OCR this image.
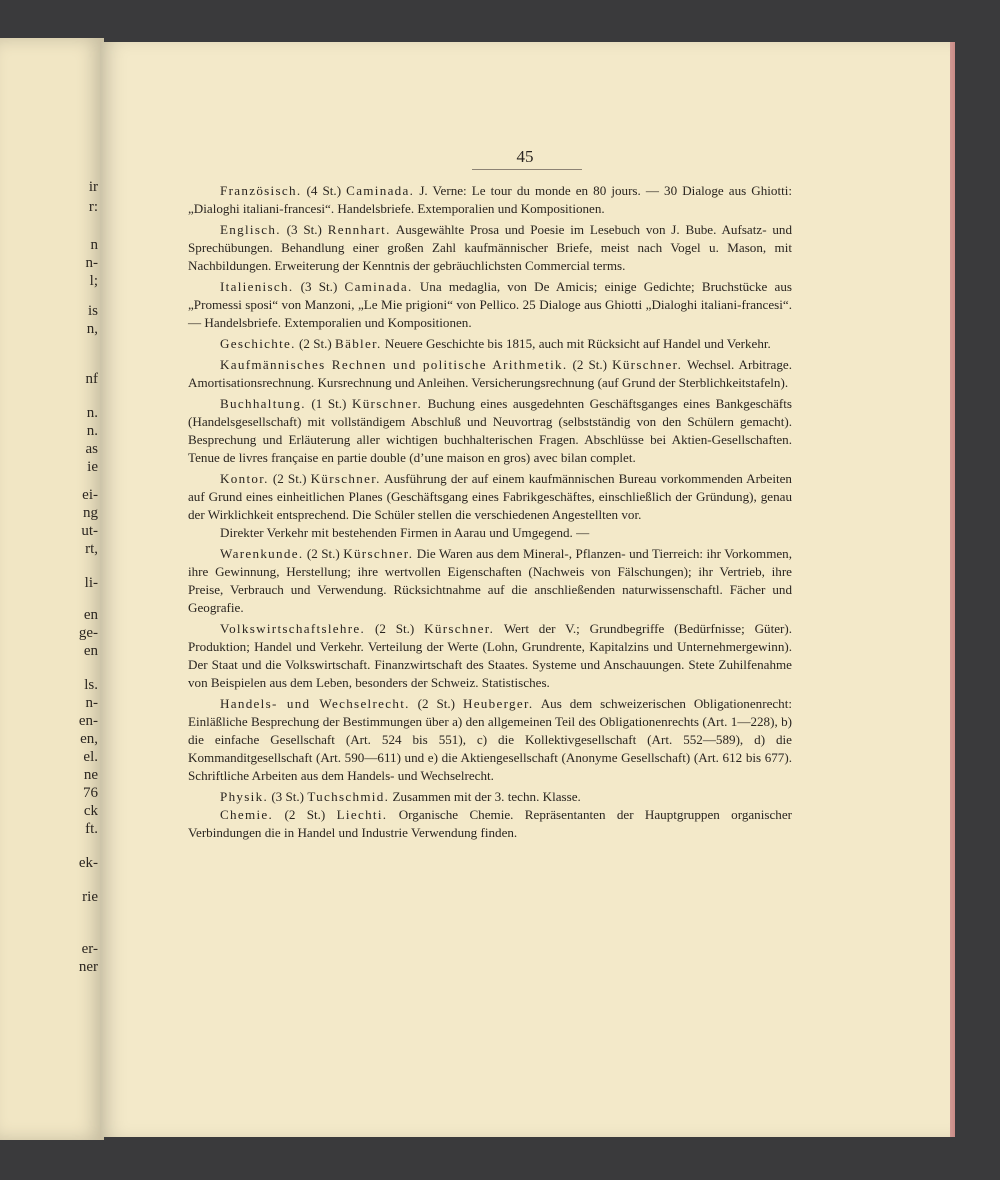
ir
r:
n
n-
l;
is
n,
nf
n.
n.
as
ie
ei-
ng
ut-
rt,
li-
en
ge-
en
ls.
n-
en-
en,
el.
ne
76
ck
ft.
ek-
rie
er-
ner
45

Französisch. (4 St.) Caminada. J. Verne: Le tour du monde en 80 jours. — 30 Dialoge aus Ghiotti: „Dialoghi italiani-francesi“. Handelsbriefe. Extemporalien und Kompositionen.

Englisch. (3 St.) Rennhart. Ausgewählte Prosa und Poesie im Lesebuch von J. Bube. Aufsatz- und Sprechübungen. Behandlung einer großen Zahl kaufmännischer Briefe, meist nach Vogel u. Mason, mit Nachbildungen. Erweiterung der Kenntnis der gebräuchlichsten Commercial terms.

Italienisch. (3 St.) Caminada. Una medaglia, von De Amicis; einige Gedichte; Bruchstücke aus „Promessi sposi“ von Manzoni, „Le Mie prigioni“ von Pellico. 25 Dialoge aus Ghiotti „Dialoghi italiani-francesi“. — Handelsbriefe. Extemporalien und Kompositionen.

Geschichte. (2 St.) Bäbler. Neuere Geschichte bis 1815, auch mit Rücksicht auf Handel und Verkehr.

Kaufmännisches Rechnen und politische Arithmetik. (2 St.) Kürschner. Wechsel. Arbitrage. Amortisationsrechnung. Kursrechnung und Anleihen. Versicherungsrechnung (auf Grund der Sterblichkeitstafeln).

Buchhaltung. (1 St.) Kürschner. Buchung eines ausgedehnten Geschäftsganges eines Bankgeschäfts (Handelsgesellschaft) mit vollständigem Abschluß und Neuvortrag (selbstständig von den Schülern gemacht). Besprechung und Erläuterung aller wichtigen buchhalterischen Fragen. Abschlüsse bei Aktien-Gesellschaften. Tenue de livres française en partie double (d’une maison en gros) avec bilan complet.

Kontor. (2 St.) Kürschner. Ausführung der auf einem kaufmännischen Bureau vorkommenden Arbeiten auf Grund eines einheitlichen Planes (Geschäftsgang eines Fabrikgeschäftes, einschließlich der Gründung), genau der Wirklichkeit entsprechend. Die Schüler stellen die verschiedenen Angestellten vor.

Direkter Verkehr mit bestehenden Firmen in Aarau und Umgegend. —

Warenkunde. (2 St.) Kürschner. Die Waren aus dem Mineral-, Pflanzen- und Tierreich: ihr Vorkommen, ihre Gewinnung, Herstellung; ihre wertvollen Eigenschaften (Nachweis von Fälschungen); ihr Vertrieb, ihre Preise, Verbrauch und Verwendung. Rücksichtnahme auf die anschließenden naturwissenschaftl. Fächer und Geografie.

Volkswirtschaftslehre. (2 St.) Kürschner. Wert der V.; Grundbegriffe (Bedürfnisse; Güter). Produktion; Handel und Verkehr. Verteilung der Werte (Lohn, Grundrente, Kapitalzins und Unternehmergewinn). Der Staat und die Volkswirtschaft. Finanzwirtschaft des Staates. Systeme und Anschauungen. Stete Zuhilfenahme von Beispielen aus dem Leben, besonders der Schweiz. Statistisches.

Handels- und Wechselrecht. (2 St.) Heuberger. Aus dem schweizerischen Obligationenrecht: Einläßliche Besprechung der Bestimmungen über a) den allgemeinen Teil des Obligationenrechts (Art. 1—228), b) die einfache Gesellschaft (Art. 524 bis 551), c) die Kollektivgesellschaft (Art. 552—589), d) die Kommanditgesellschaft (Art. 590—611) und e) die Aktiengesellschaft (Anonyme Gesellschaft) (Art. 612 bis 677). Schriftliche Arbeiten aus dem Handels- und Wechselrecht.

Physik. (3 St.) Tuchschmid. Zusammen mit der 3. techn. Klasse.

Chemie. (2 St.) Liechti. Organische Chemie. Repräsentanten der Hauptgruppen organischer Verbindungen die in Handel und Industrie Verwendung finden.
